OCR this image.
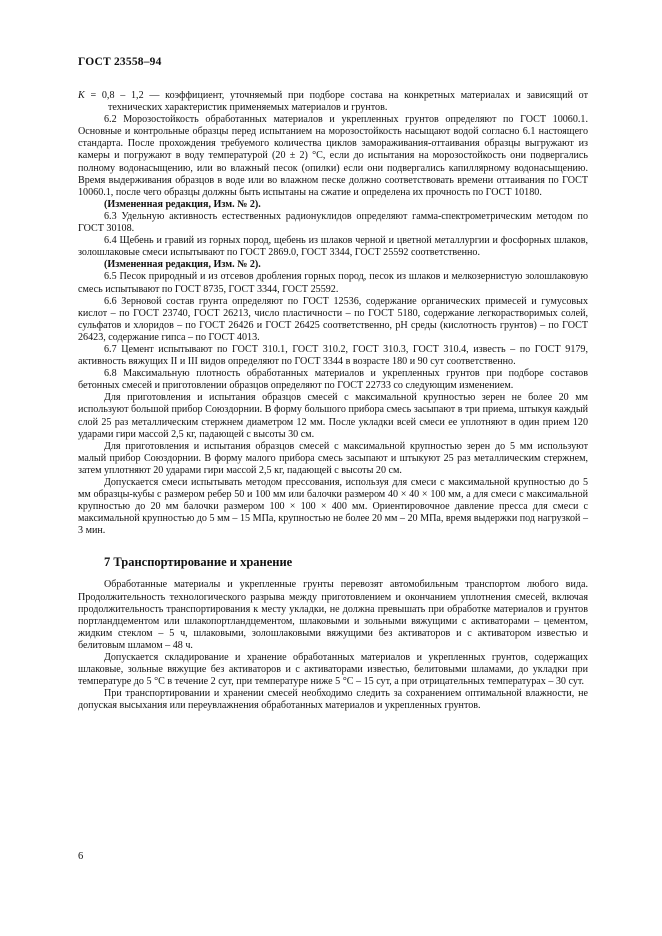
ГОСТ 23558–94

K = 0,8 – 1,2 — коэффициент, уточняемый при подборе состава на конкретных материалах и зависящий от технических характеристик применяемых материалов и грунтов.

6.2 Морозостойкость обработанных материалов и укрепленных грунтов определяют по ГОСТ 10060.1. Основные и контрольные образцы перед испытанием на морозостойкость насыщают водой согласно 6.1 настоящего стандарта. После прохождения требуемого количества циклов замораживания-оттаивания образцы выгружают из камеры и погружают в воду температурой (20 ± 2) °С, если до испытания на морозостойкость они подвергались полному водонасыщению, или во влажный песок (опилки) если они подвергались капиллярному водонасыщению. Время выдерживания образцов в воде или во влажном песке должно соответствовать времени оттаивания по ГОСТ 10060.1, после чего образцы должны быть испытаны на сжатие и определена их прочность по ГОСТ 10180.

(Измененная редакция, Изм. № 2).

6.3 Удельную активность естественных радионуклидов определяют гамма-спектрометрическим методом по ГОСТ 30108.

6.4 Щебень и гравий из горных пород, щебень из шлаков черной и цветной металлургии и фосфорных шлаков, золошлаковые смеси испытывают по ГОСТ 2869.0, ГОСТ 3344, ГОСТ 25592 соответственно.

(Измененная редакция, Изм. № 2).

6.5 Песок природный и из отсевов дробления горных пород, песок из шлаков и мелкозернистую золошлаковую смесь испытывают по ГОСТ 8735, ГОСТ 3344, ГОСТ 25592.

6.6 Зерновой состав грунта определяют по ГОСТ 12536, содержание органических примесей и гумусовых кислот – по ГОСТ 23740, ГОСТ 26213, число пластичности – по ГОСТ 5180, содержание легкорастворимых солей, сульфатов и хлоридов – по ГОСТ 26426 и ГОСТ 26425 соответственно, рН среды (кислотность грунтов) – по ГОСТ 26423, содержание гипса – по ГОСТ 4013.

6.7 Цемент испытывают по ГОСТ 310.1, ГОСТ 310.2, ГОСТ 310.3, ГОСТ 310.4, известь – по ГОСТ 9179, активность вяжущих II и III видов определяют по ГОСТ 3344 в возрасте 180 и 90 сут соответственно.

6.8 Максимальную плотность обработанных материалов и укрепленных грунтов при подборе составов бетонных смесей и приготовлении образцов определяют по ГОСТ 22733 со следующим изменением.

Для приготовления и испытания образцов смесей с максимальной крупностью зерен не более 20 мм используют большой прибор Союздорнии. В форму большого прибора смесь засыпают в три приема, штыкуя каждый слой 25 раз металлическим стержнем диаметром 12 мм. После укладки всей смеси ее уплотняют в один прием 120 ударами гири массой 2,5 кг, падающей с высоты 30 см.

Для приготовления и испытания образцов смесей с максимальной крупностью зерен до 5 мм используют малый прибор Союздорнии. В форму малого прибора смесь засыпают и штыкуют 25 раз металлическим стержнем, затем уплотняют 20 ударами гири массой 2,5 кг, падающей с высоты 20 см.

Допускается смеси испытывать методом прессования, используя для смеси с максимальной крупностью до 5 мм образцы-кубы с размером ребер 50 и 100 мм или балочки размером 40 × 40 × 100 мм, а для смеси с максимальной крупностью до 20 мм балочки размером 100 × 100 × 400 мм. Ориентировочное давление пресса для смеси с максимальной крупностью до 5 мм – 15 МПа, крупностью не более 20 мм – 20 МПа, время выдержки под нагрузкой – 3 мин.

7 Транспортирование и хранение

Обработанные материалы и укрепленные грунты перевозят автомобильным транспортом любого вида. Продолжительность технологического разрыва между приготовлением и окончанием уплотнения смесей, включая продолжительность транспортирования к месту укладки, не должна превышать при обработке материалов и грунтов портландцементом или шлакопортландцементом, шлаковыми и зольными вяжущими с активаторами – цементом, жидким стеклом – 5 ч, шлаковыми, золошлаковыми вяжущими без активаторов и с активатором известью и белитовым шламом – 48 ч.

Допускается складирование и хранение обработанных материалов и укрепленных грунтов, содержащих шлаковые, зольные вяжущие без активаторов и с активаторами известью, белитовыми шламами, до укладки при температуре до 5 °С в течение 2 сут, при температуре ниже 5 °С – 15 сут, а при отрицательных температурах – 30 сут.

При транспортировании и хранении смесей необходимо следить за сохранением оптимальной влажности, не допуская высыхания или переувлажнения обработанных материалов и укрепленных грунтов.

6
